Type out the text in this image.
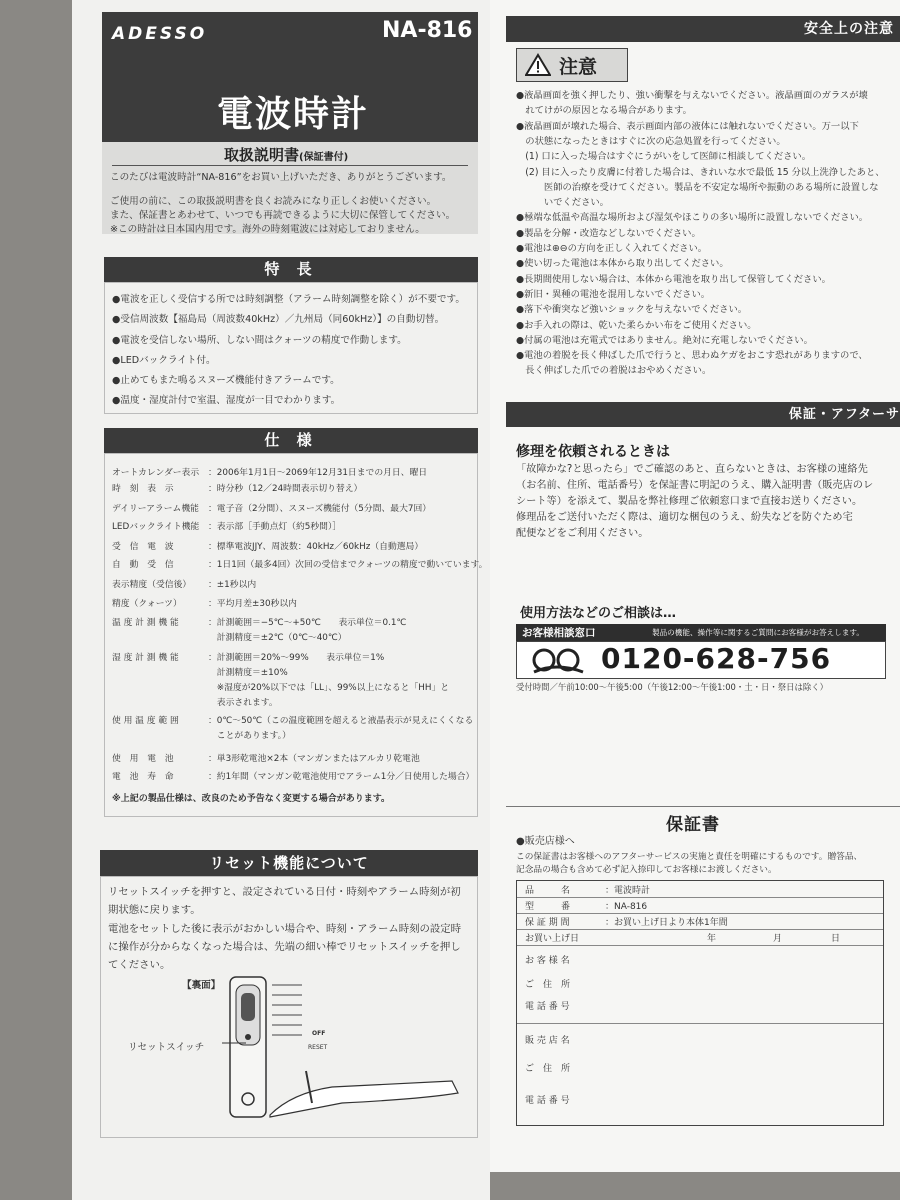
ADESSO	NA-816
電波時計
取扱説明書(保証書付)
このたびは電波時計“NA-816”をお買い上げいただき、ありがとうございます。
ご使用の前に、この取扱説明書を良くお読みになり正しくお使いください。
また、保証書とあわせて、いつでも再読できるように大切に保管してください。
※この時計は日本国内用です。海外の時刻電波には対応しておりません。
特 長
●電波を正しく受信する所では時刻調整（アラーム時刻調整を除く）が不要です。
●受信周波数【福島局（周波数40kHz）／九州局（同60kHz）】の自動切替。
●電波を受信しない場所、しない間はクォーツの精度で作動します。
●LEDバックライト付。
●止めてもまた鳴るスヌーズ機能付きアラームです。
●温度・湿度計付で室温、湿度が一目でわかります。
仕 様
オートカレンダー表示 ：2006年1月1日〜2069年12月31日までの月日、曜日
時　刻　表　示	：時分秒（12／24時間表示切り替え）
デイリーアラーム機能 ：電子音（2分間）、スヌーズ機能付（5分間、最大7回）
LEDバックライト機能 ：表示部［手動点灯（約5秒間）］
受　信　電　波	：標準電波JJY、周波数：40kHz／60kHz（自動選局）
自　動　受　信	：1日1回（最多4回）次回の受信までクォーツの精度で動いています。
表示精度（受信後） ：±1秒以内
精度（クォーツ）	：平均月差±30秒以内
温 度 計 測 機 能	：計測範囲＝−5℃〜+50℃　　表示単位＝0.1℃
　計測精度＝±2℃（0℃〜40℃）
湿 度 計 測 機 能	：計測範囲＝20%〜99%　　表示単位＝1%
　計測精度＝±10%
　※湿度が20%以下では「LL」、99%以上になると「HH」と
　表示されます。
使 用 温 度 範 囲	：0℃〜50℃（この温度範囲を超えると液晶表示が見えにくくなる
　ことがあります。）
使　用　電　池	：単3形乾電池×2本（マンガンまたはアルカリ乾電池
電　池　寿　命	：約1年間（マンガン乾電池使用でアラーム1分／日使用した場合）
※上記の製品仕様は、改良のため予告なく変更する場合があります。
リセット機能について
リセットスイッチを押すと、設定されている日付・時刻やアラーム時刻が初
期状態に戻ります。
電池をセットした後に表示がおかしい場合や、時刻・アラーム時刻の設定時
に操作が分からなくなった場合は、先端の細い棒でリセットスイッチを押し
てください。
【裏面】
リセットスイッチ
OFF
RESET
安全上の注意
注意
●液晶画面を強く押したり、強い衝撃を与えないでください。液晶画面のガラスが壊
　れてけがの原因となる場合があります。
●液晶画面が壊れた場合、表示画面内部の液体には触れないでください。万一以下
　の状態になったときはすぐに次の応急処置を行ってください。
　(1) 口に入った場合はすぐにうがいをして医師に相談してください。
　(2) 目に入ったり皮膚に付着した場合は、きれいな水で最低 15 分以上洗浄したあと、
　　　医師の治療を受けてください。製品を不安定な場所や振動のある場所に設置しな
　　　いでください。
●極端な低温や高温な場所および湿気やほこりの多い場所に設置しないでください。
●製品を分解・改造などしないでください。
●電池は⊕⊖の方向を正しく入れてください。
●使い切った電池は本体から取り出してください。
●長期間使用しない場合は、本体から電池を取り出して保管してください。
●新旧・異種の電池を混用しないでください。
●落下や衝突など強いショックを与えないでください。
●お手入れの際は、乾いた柔らかい布をご使用ください。
●付属の電池は充電式ではありません。絶対に充電しないでください。
●電池の着脱を長く伸ばした爪で行うと、思わぬケガをおこす恐れがありますので、
　長く伸ばした爪での着脱はおやめください。
保証・アフターサ
修理を依頼されるときは
「故障かな?と思ったら」でご確認のあと、直らないときは、お客様の連絡先
（お名前、住所、電話番号）を保証書に明記のうえ、購入証明書（販売店のレ
シート等）を添えて、製品を弊社修理ご依頼窓口まで直接お送りください。
修理品をご送付いただく際は、適切な梱包のうえ、紛失などを防ぐため宅
配便などをご利用ください。
使用方法などのご相談は…
お客様相談窓口	製品の機能、操作等に関するご質問にお客様がお答えします。
0120-628-756
受付時間／午前10:00〜午後5:00（午後12:00〜午後1:00・土・日・祭日は除く）
保証書
●販売店様へ
この保証書はお客様へのアフターサービスの実施と責任を明確にするものです。贈答品、
記念品の場合も含めて必ず記入捺印してお客様にお渡しください。
品　　　名	：電波時計
型　　　番	：NA-816
保 証 期 間	：お買い上げ日より本体1年間
お買い上げ日	年	月	日
お 客 様 名
ご　住　所
電 話 番 号
販 売 店 名
ご　住　所
電 話 番 号
